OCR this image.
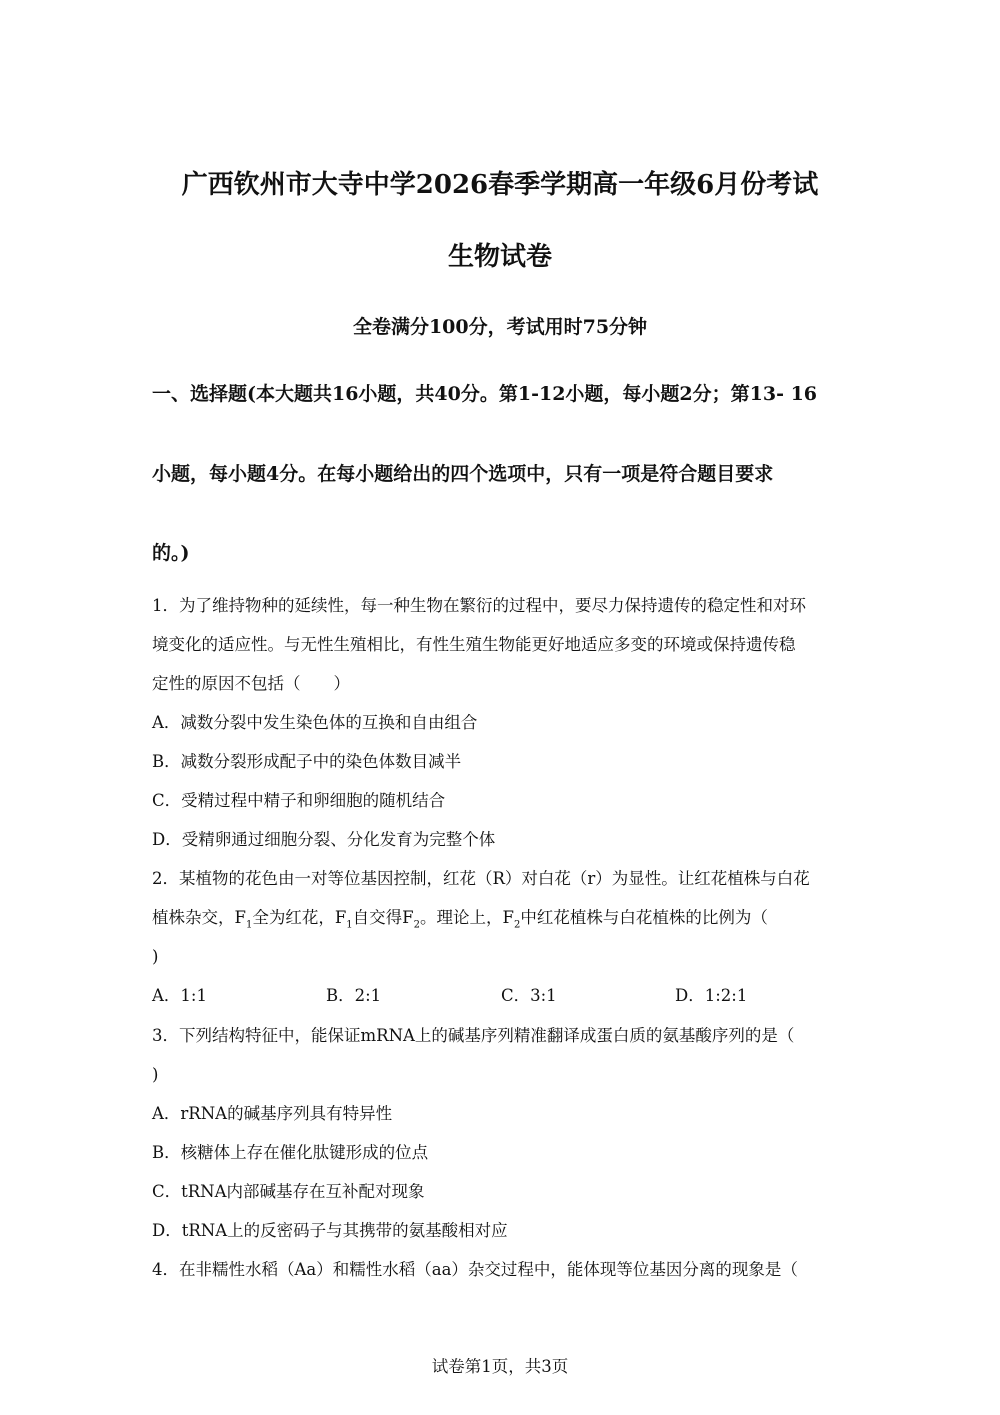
广西钦州市大寺中学2026春季学期高一年级6月份考试
生物试卷
全卷满分100分，考试用时75分钟
一、选择题(本大题共16小题，共40分。第1-12小题，每小题2分；第13- 16
小题，每小题4分。在每小题给出的四个选项中，只有一项是符合题目要求
的。)
1．为了维持物种的延续性，每一种生物在繁衍的过程中，要尽力保持遗传的稳定性和对环
境变化的适应性。与无性生殖相比，有性生殖生物能更好地适应多变的环境或保持遗传稳
定性的原因不包括（　　）
A．减数分裂中发生染色体的互换和自由组合
B．减数分裂形成配子中的染色体数目减半
C．受精过程中精子和卵细胞的随机结合
D．受精卵通过细胞分裂、分化发育为完整个体
2．某植物的花色由一对等位基因控制，红花（R）对白花（r）为显性。让红花植株与白花
植株杂交，$F_1$全为红花，$F_1$自交得$F_2$。理论上，$F_2$中红花植株与白花植株的比例为（
)
A．1:1	B．2:1	C．3:1	D．1:2:1
3．下列结构特征中，能保证mRNA上的碱基序列精准翻译成蛋白质的氨基酸序列的是（
)
A．rRNA的碱基序列具有特异性
B．核糖体上存在催化肽键形成的位点
C．tRNA内部碱基存在互补配对现象
D．tRNA上的反密码子与其携带的氨基酸相对应
4．在非糯性水稻（Aa）和糯性水稻（aa）杂交过程中，能体现等位基因分离的现象是（
试卷第1页，共3页
